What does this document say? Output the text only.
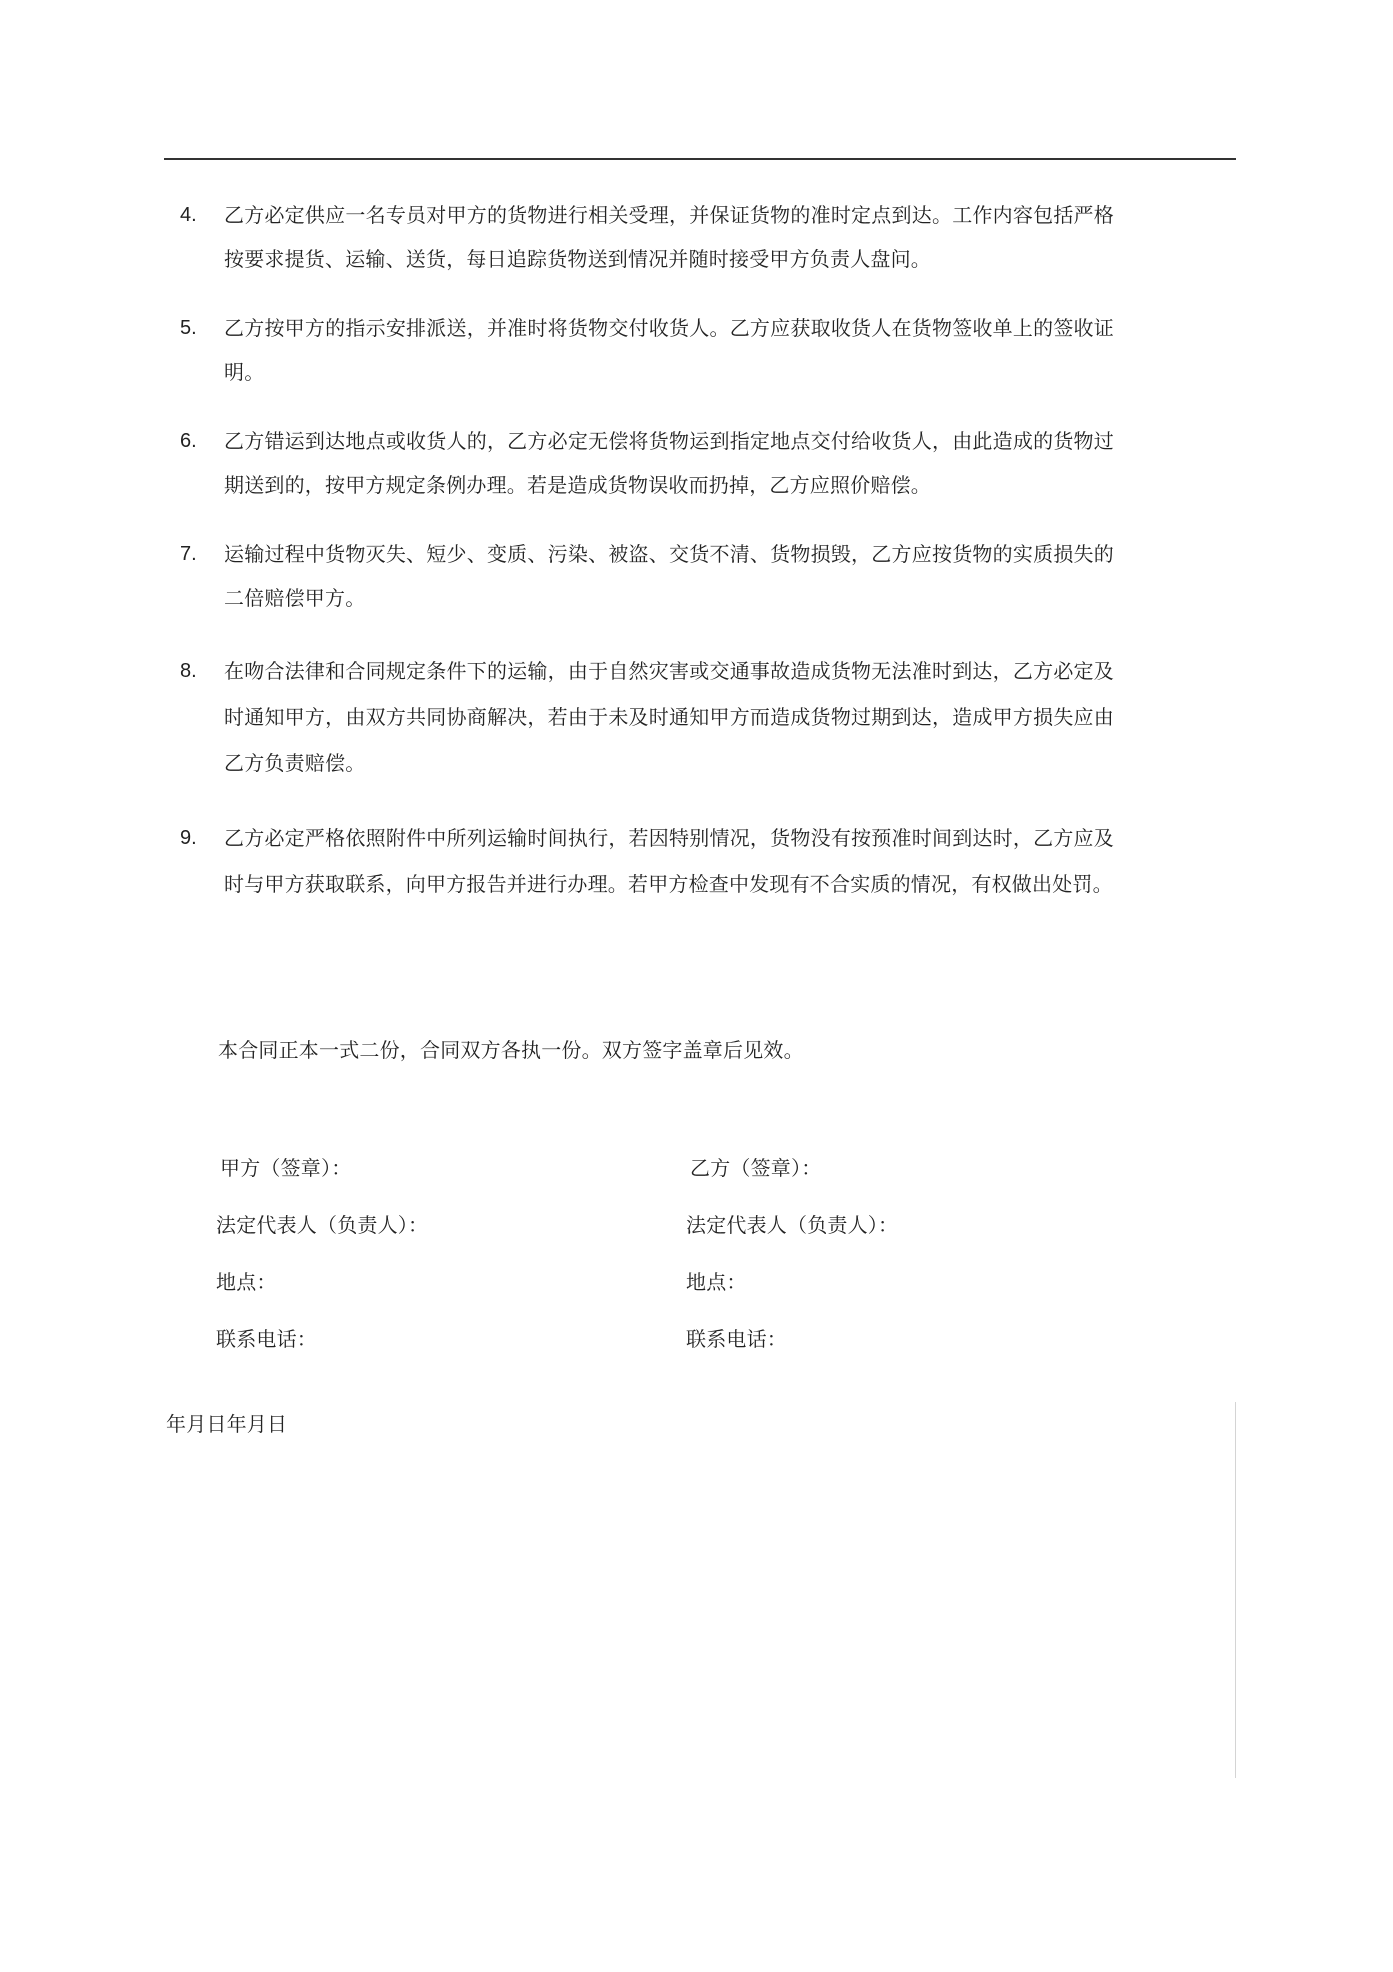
4.	乙方必定供应一名专员对甲方的货物进行相关受理，并保证货物的准时定点到达。工作内容包括严格按要求提货、运输、送货，每日追踪货物送到情况并随时接受甲方负责人盘问。
5.	乙方按甲方的指示安排派送，并准时将货物交付收货人。乙方应获取收货人在货物签收单上的签收证明。
6.	乙方错运到达地点或收货人的，乙方必定无偿将货物运到指定地点交付给收货人，由此造成的货物过期送到的，按甲方规定条例办理。若是造成货物误收而扔掉，乙方应照价赔偿。
7.	运输过程中货物灭失、短少、变质、污染、被盗、交货不清、货物损毁，乙方应按货物的实质损失的二倍赔偿甲方。
8.	在吻合法律和合同规定条件下的运输，由于自然灾害或交通事故造成货物无法准时到达，乙方必定及时通知甲方，由双方共同协商解决，若由于未及时通知甲方而造成货物过期到达，造成甲方损失应由乙方负责赔偿。
9.	乙方必定严格依照附件中所列运输时间执行，若因特别情况，货物没有按预准时间到达时，乙方应及时与甲方获取联系，向甲方报告并进行办理。若甲方检查中发现有不合实质的情况，有权做出处罚。
本合同正本一式二份，合同双方各执一份。双方签字盖章后见效。
甲方（签章）：
法定代表人（负责人）：
地点：
联系电话：
乙方（签章）：
法定代表人（负责人）：
地点：
联系电话：
年月日年月日
